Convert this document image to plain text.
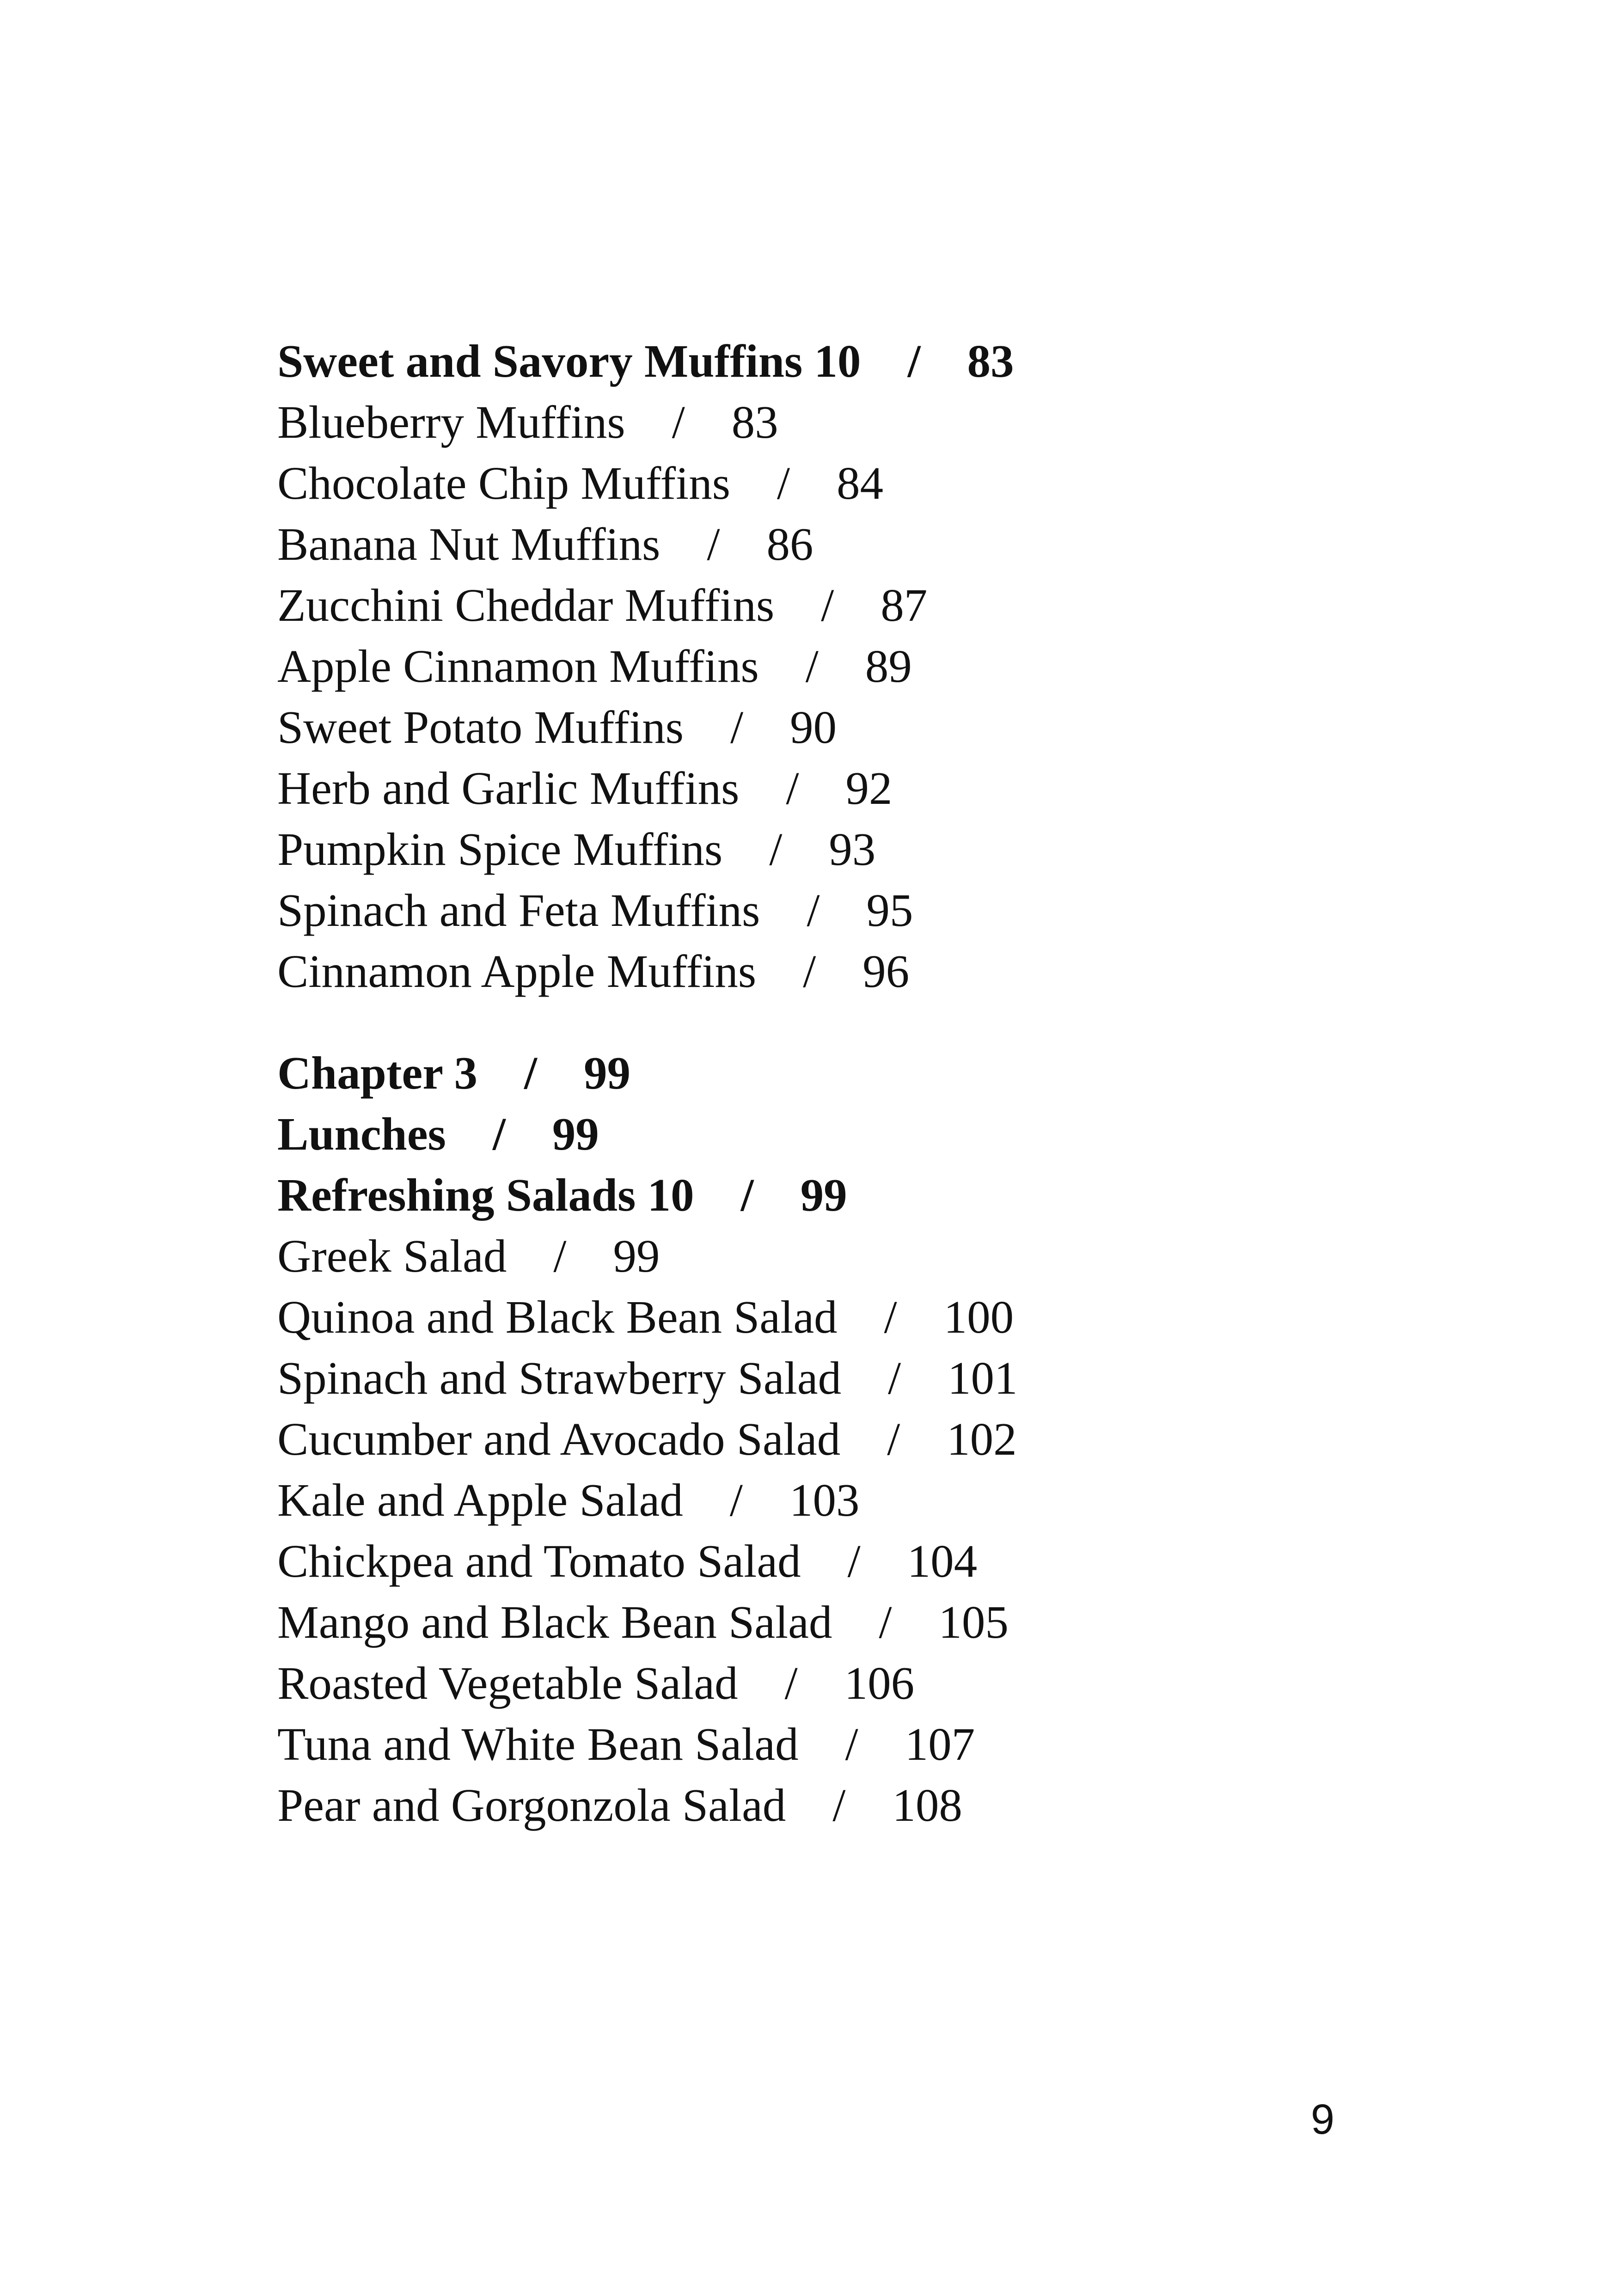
Sweet and Savory Muffins 10 / 83
Blueberry Muffins / 83
Chocolate Chip Muffins / 84
Banana Nut Muffins / 86
Zucchini Cheddar Muffins / 87
Apple Cinnamon Muffins / 89
Sweet Potato Muffins / 90
Herb and Garlic Muffins / 92
Pumpkin Spice Muffins / 93
Spinach and Feta Muffins / 95
Cinnamon Apple Muffins / 96
Chapter 3 / 99
Lunches / 99
Refreshing Salads 10 / 99
Greek Salad / 99
Quinoa and Black Bean Salad / 100
Spinach and Strawberry Salad / 101
Cucumber and Avocado Salad / 102
Kale and Apple Salad / 103
Chickpea and Tomato Salad / 104
Mango and Black Bean Salad / 105
Roasted Vegetable Salad / 106
Tuna and White Bean Salad / 107
Pear and Gorgonzola Salad / 108
9
